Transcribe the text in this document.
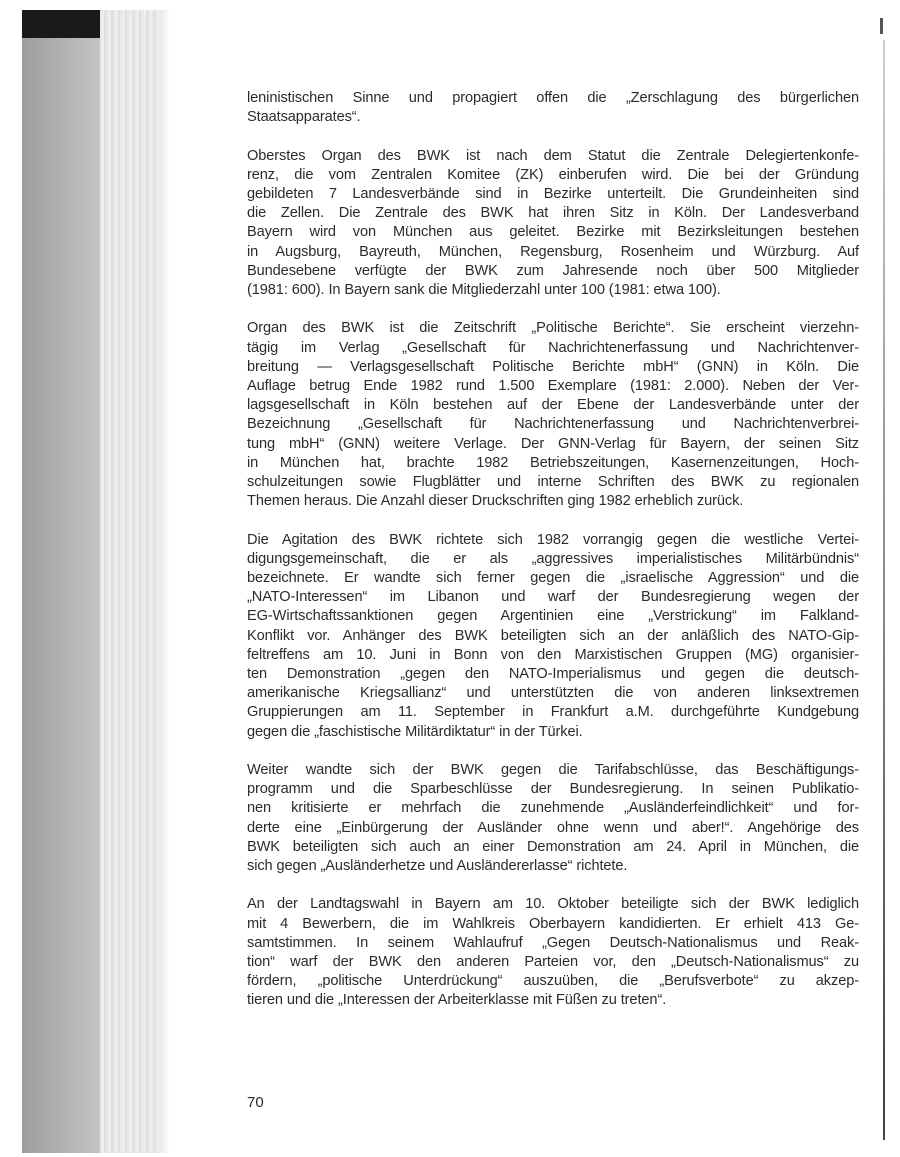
leninistischen Sinne und propagiert offen die „Zerschlagung des bürgerlichen
Staatsapparates“.

Oberstes Organ des BWK ist nach dem Statut die Zentrale Delegiertenkonfe-
renz, die vom Zentralen Komitee (ZK) einberufen wird. Die bei der Gründung
gebildeten 7 Landesverbände sind in Bezirke unterteilt. Die Grundeinheiten sind
die Zellen. Die Zentrale des BWK hat ihren Sitz in Köln. Der Landesverband
Bayern wird von München aus geleitet. Bezirke mit Bezirksleitungen bestehen
in Augsburg, Bayreuth, München, Regensburg, Rosenheim und Würzburg. Auf
Bundesebene verfügte der BWK zum Jahresende noch über 500 Mitglieder
(1981: 600). In Bayern sank die Mitgliederzahl unter 100 (1981: etwa 100).

Organ des BWK ist die Zeitschrift „Politische Berichte“. Sie erscheint vierzehn-
tägig im Verlag „Gesellschaft für Nachrichtenerfassung und Nachrichtenver-
breitung — Verlagsgesellschaft Politische Berichte mbH“ (GNN) in Köln. Die
Auflage betrug Ende 1982 rund 1.500 Exemplare (1981: 2.000). Neben der Ver-
lagsgesellschaft in Köln bestehen auf der Ebene der Landesverbände unter der
Bezeichnung „Gesellschaft für Nachrichtenerfassung und Nachrichtenverbrei-
tung mbH“ (GNN) weitere Verlage. Der GNN-Verlag für Bayern, der seinen Sitz
in München hat, brachte 1982 Betriebszeitungen, Kasernenzeitungen, Hoch-
schulzeitungen sowie Flugblätter und interne Schriften des BWK zu regionalen
Themen heraus. Die Anzahl dieser Druckschriften ging 1982 erheblich zurück.

Die Agitation des BWK richtete sich 1982 vorrangig gegen die westliche Vertei-
digungsgemeinschaft, die er als „aggressives imperialistisches Militärbündnis“
bezeichnete. Er wandte sich ferner gegen die „israelische Aggression“ und die
„NATO-Interessen“ im Libanon und warf der Bundesregierung wegen der
EG-Wirtschaftssanktionen gegen Argentinien eine „Verstrickung“ im Falkland-
Konflikt vor. Anhänger des BWK beteiligten sich an der anläßlich des NATO-Gip-
feltreffens am 10. Juni in Bonn von den Marxistischen Gruppen (MG) organisier-
ten Demonstration „gegen den NATO-Imperialismus und gegen die deutsch-
amerikanische Kriegsallianz“ und unterstützten die von anderen linksextremen
Gruppierungen am 11. September in Frankfurt a.M. durchgeführte Kundgebung
gegen die „faschistische Militärdiktatur“ in der Türkei.

Weiter wandte sich der BWK gegen die Tarifabschlüsse, das Beschäftigungs-
programm und die Sparbeschlüsse der Bundesregierung. In seinen Publikatio-
nen kritisierte er mehrfach die zunehmende „Ausländerfeindlichkeit“ und for-
derte eine „Einbürgerung der Ausländer ohne wenn und aber!“. Angehörige des
BWK beteiligten sich auch an einer Demonstration am 24. April in München, die
sich gegen „Ausländerhetze und Ausländererlasse“ richtete.

An der Landtagswahl in Bayern am 10. Oktober beteiligte sich der BWK lediglich
mit 4 Bewerbern, die im Wahlkreis Oberbayern kandidierten. Er erhielt 413 Ge-
samtstimmen. In seinem Wahlaufruf „Gegen Deutsch-Nationalismus und Reak-
tion“ warf der BWK den anderen Parteien vor, den „Deutsch-Nationalismus“ zu
fördern, „politische Unterdrückung“ auszuüben, die „Berufsverbote“ zu akzep-
tieren und die „Interessen der Arbeiterklasse mit Füßen zu treten“.

70
